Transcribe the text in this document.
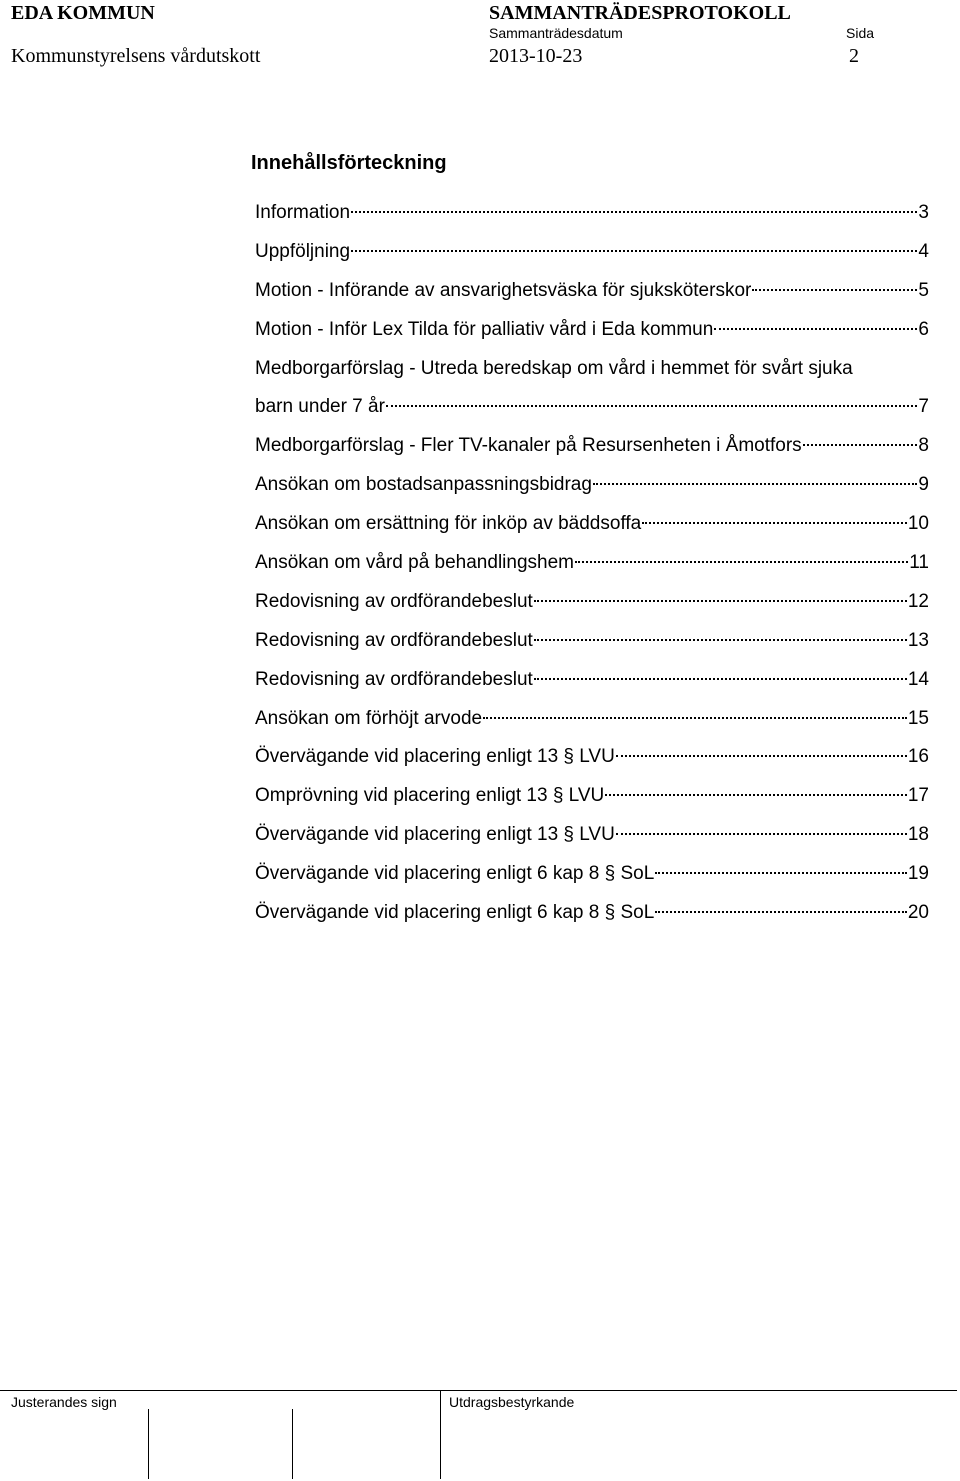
EDA KOMMUN	SAMMANTRÄDESPROTOKOLL
Sammanträdesdatum	Sida
Kommunstyrelsens vårdutskott	2013-10-23	2
Innehållsförteckning
Information	3
Uppföljning	4
Motion - Införande av ansvarighetsväska för sjuksköterskor	5
Motion - Inför Lex Tilda för palliativ vård i Eda kommun	6
Medborgarförslag - Utreda beredskap om vård i hemmet för svårt sjuka
barn under 7 år	7
Medborgarförslag - Fler TV-kanaler på Resursenheten i Åmotfors	8
Ansökan om bostadsanpassningsbidrag	9
Ansökan om ersättning för inköp av bäddsoffa	10
Ansökan om vård på behandlingshem	11
Redovisning av ordförandebeslut	12
Redovisning av ordförandebeslut	13
Redovisning av ordförandebeslut	14
Ansökan om förhöjt arvode	15
Övervägande vid placering enligt 13 § LVU	16
Omprövning vid placering enligt 13 § LVU	17
Övervägande vid placering enligt 13 § LVU	18
Övervägande vid placering enligt 6 kap 8 § SoL	19
Övervägande vid placering enligt 6 kap 8 § SoL	20
Justerandes sign	Utdragsbestyrkande
